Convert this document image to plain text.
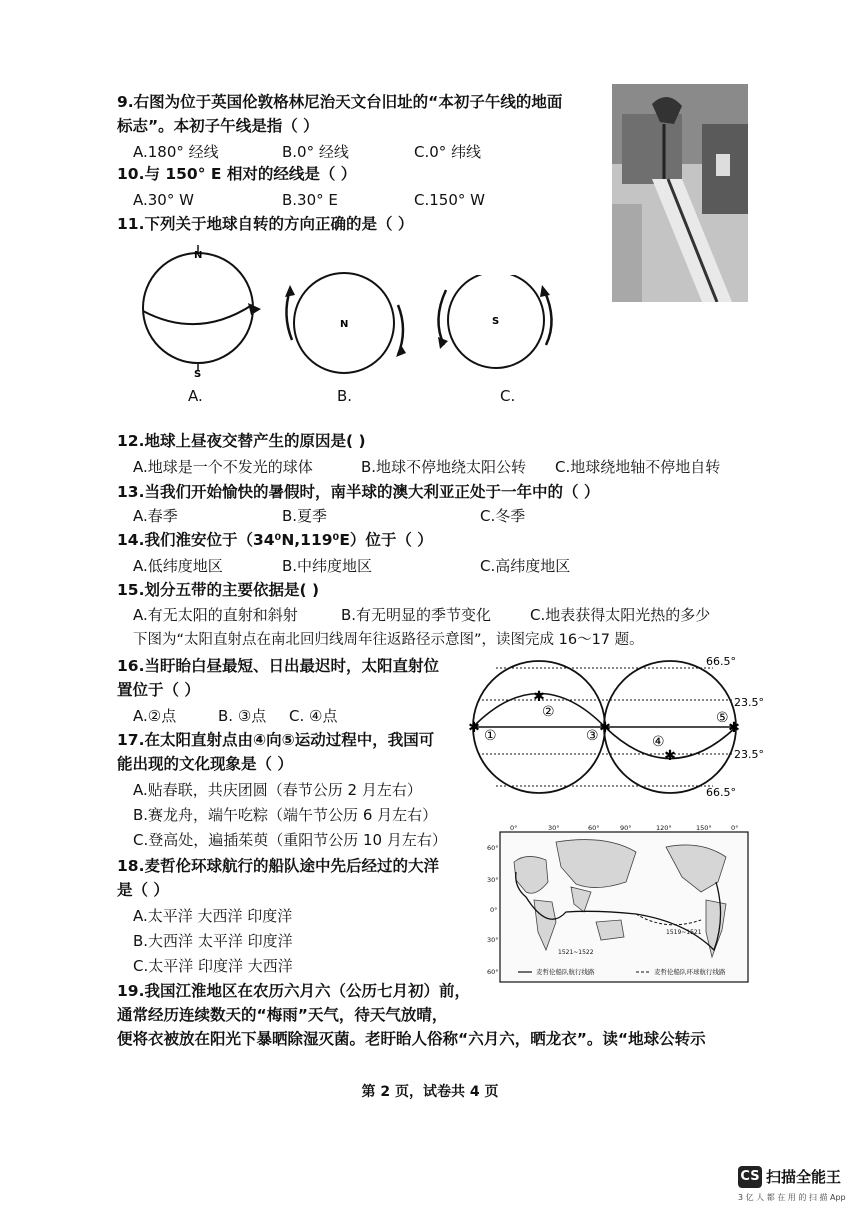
9.右图为位于英国伦敦格林尼治天文台旧址的“本初子午线的地面
标志”。本初子午线是指（ ）
A.180° 经线	B.0° 经线	C.0° 纬线
10.与 150° E 相对的经线是（ ）
A.30° W	B.30° E	C.150° W
11.下列关于地球自转的方向正确的是（ ）
N
S
N	S
A.	B.	C.
12.地球上昼夜交替产生的原因是( )
A.地球是一个不发光的球体	B.地球不停地绕太阳公转 C.地球绕地轴不停地自转
13.当我们开始愉快的暑假时，南半球的澳大利亚正处于一年中的（ ）
A.春季	B.夏季	C.冬季
14.我们淮安位于（34⁰N,119⁰E）位于（ ）
A.低纬度地区	B.中纬度地区	C.高纬度地区
15.划分五带的主要依据是( )
A.有无太阳的直射和斜射	B.有无明显的季节变化	C.地表获得太阳光热的多少
下图为“太阳直射点在南北回归线周年往返路径示意图”，读图完成 16～17 题。
16.当盱眙白昼最短、日出最迟时，太阳直射位
置位于（ ）
A.②点	B. ③点 C. ④点
✱
✱	✱
✱
✱
①
②
③	④
⑤
66.5°
23.5°
23.5°
66.5°
17.在太阳直射点由④向⑤运动过程中，我国可
能出现的文化现象是（ ）
A.贴春联，共庆团圆（春节公历 2 月左右）
B.赛龙舟，端午吃粽（端午节公历 6 月左右）
C.登高处，遍插茱萸（重阳节公历 10 月左右）
18.麦哲伦环球航行的船队途中先后经过的大洋
是（ ）
A.太平洋 大西洋 印度洋
B.大西洋 太平洋 印度洋
C.太平洋 印度洋 大西洋
0°	30°	60°	90°	120°	150°	0°
60°
30°
0°
30°
60°
1519~1521
1521~1522
麦哲伦船队航行线路	麦哲伦船队环球航行线路
19.我国江淮地区在农历六月六（公历七月初）前，
通常经历连续数天的“梅雨”天气，待天气放晴，
便将衣被放在阳光下暴晒除湿灭菌。老盱眙人俗称“六月六，晒龙衣”。读“地球公转示
第 2 页，试卷共 4 页
CS 扫描全能王
3 亿 人 都 在 用 的 扫 描 App
